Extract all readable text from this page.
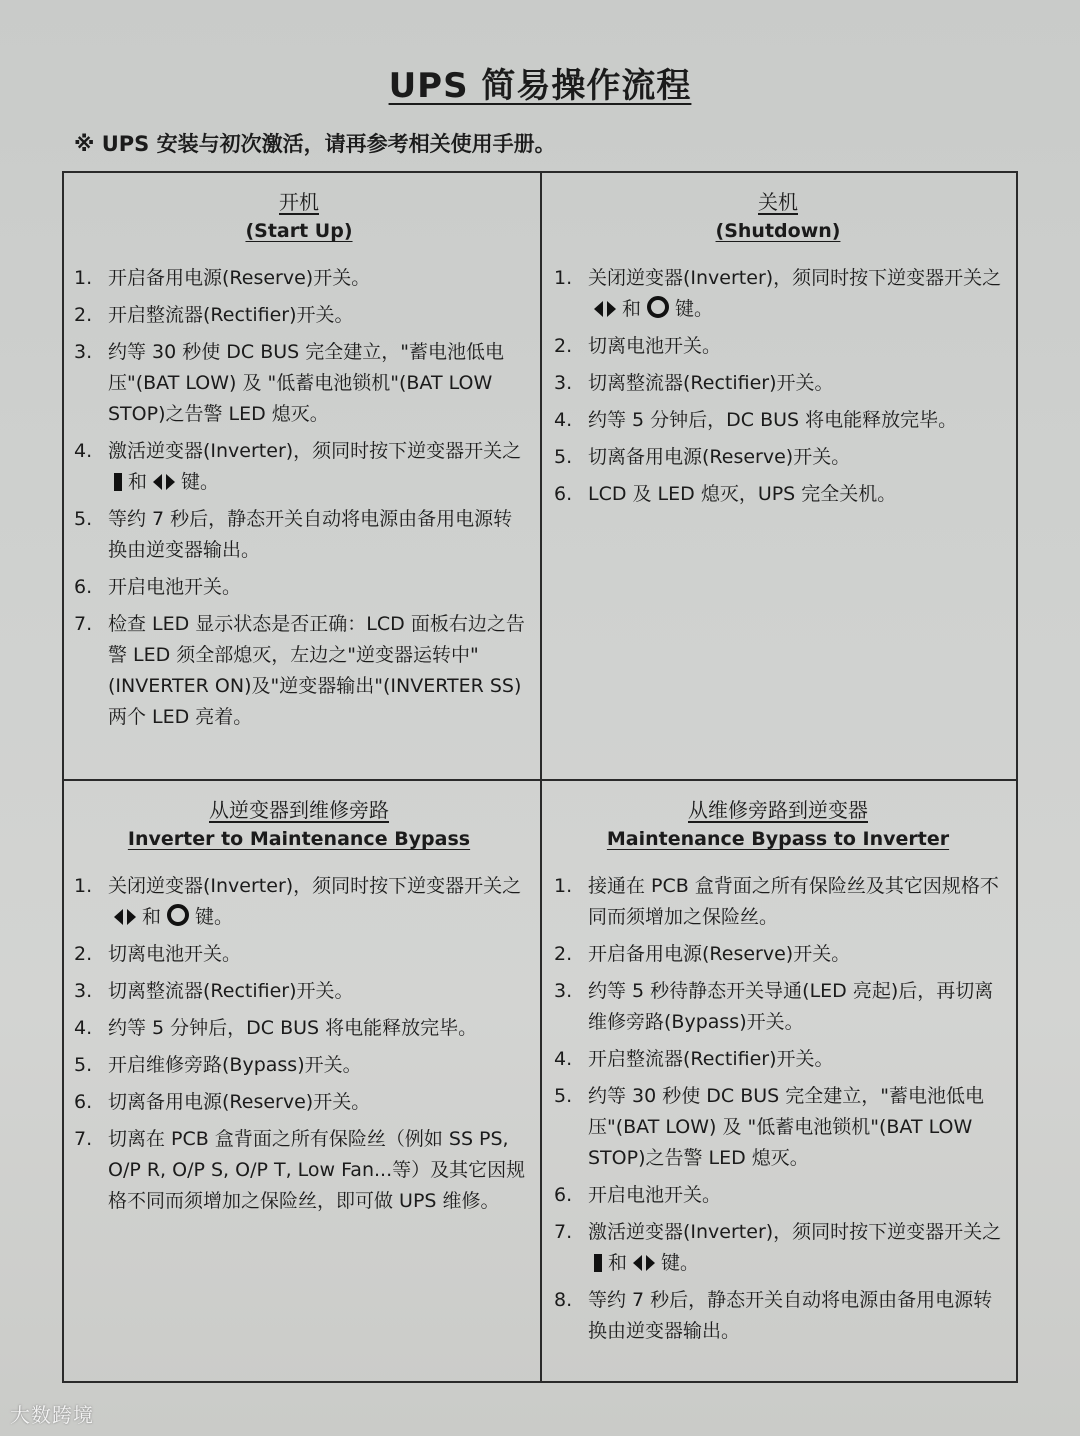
UPS 简易操作流程
※ UPS 安装与初次激活，请再参考相关使用手册。
开机
(Start Up)
1. 开启备用电源(Reserve)开关。
2. 开启整流器(Rectifier)开关。
3. 约等 30 秒使 DC BUS 完全建立，"蓄电池低电压"(BAT LOW) 及 "低蓄电池锁机"(BAT LOW STOP)之告警 LED 熄灭。
4. 激活逆变器(Inverter)，须同时按下逆变器开关之和 键。
5. 等约 7 秒后，静态开关自动将电源由备用电源转换由逆变器输出。
6. 开启电池开关。
7. 检查 LED 显示状态是否正确：LCD 面板右边之告警 LED 须全部熄灭，左边之"逆变器运转中"(INVERTER ON)及"逆变器输出"(INVERTER SS)两个 LED 亮着。
关机
(Shutdown)
1. 关闭逆变器(Inverter)，须同时按下逆变器开关之和 键。
2. 切离电池开关。
3. 切离整流器(Rectifier)开关。
4. 约等 5 分钟后，DC BUS 将电能释放完毕。
5. 切离备用电源(Reserve)开关。
6. LCD 及 LED 熄灭，UPS 完全关机。
从逆变器到维修旁路
Inverter to Maintenance Bypass
1. 关闭逆变器(Inverter)，须同时按下逆变器开关之和 键。
2. 切离电池开关。
3. 切离整流器(Rectifier)开关。
4. 约等 5 分钟后，DC BUS 将电能释放完毕。
5. 开启维修旁路(Bypass)开关。
6. 切离备用电源(Reserve)开关。
7. 切离在 PCB 盒背面之所有保险丝（例如 SS PS, O/P R, O/P S, O/P T, Low Fan...等）及其它因规格不同而须增加之保险丝，即可做 UPS 维修。
从维修旁路到逆变器
Maintenance Bypass to Inverter
1. 接通在 PCB 盒背面之所有保险丝及其它因规格不同而须增加之保险丝。
2. 开启备用电源(Reserve)开关。
3. 约等 5 秒待静态开关导通(LED 亮起)后，再切离维修旁路(Bypass)开关。
4. 开启整流器(Rectifier)开关。
5. 约等 30 秒使 DC BUS 完全建立，"蓄电池低电压"(BAT LOW) 及 "低蓄电池锁机"(BAT LOW STOP)之告警 LED 熄灭。
6. 开启电池开关。
7. 激活逆变器(Inverter)，须同时按下逆变器开关之和 键。
8. 等约 7 秒后，静态开关自动将电源由备用电源转换由逆变器输出。
大数跨境
